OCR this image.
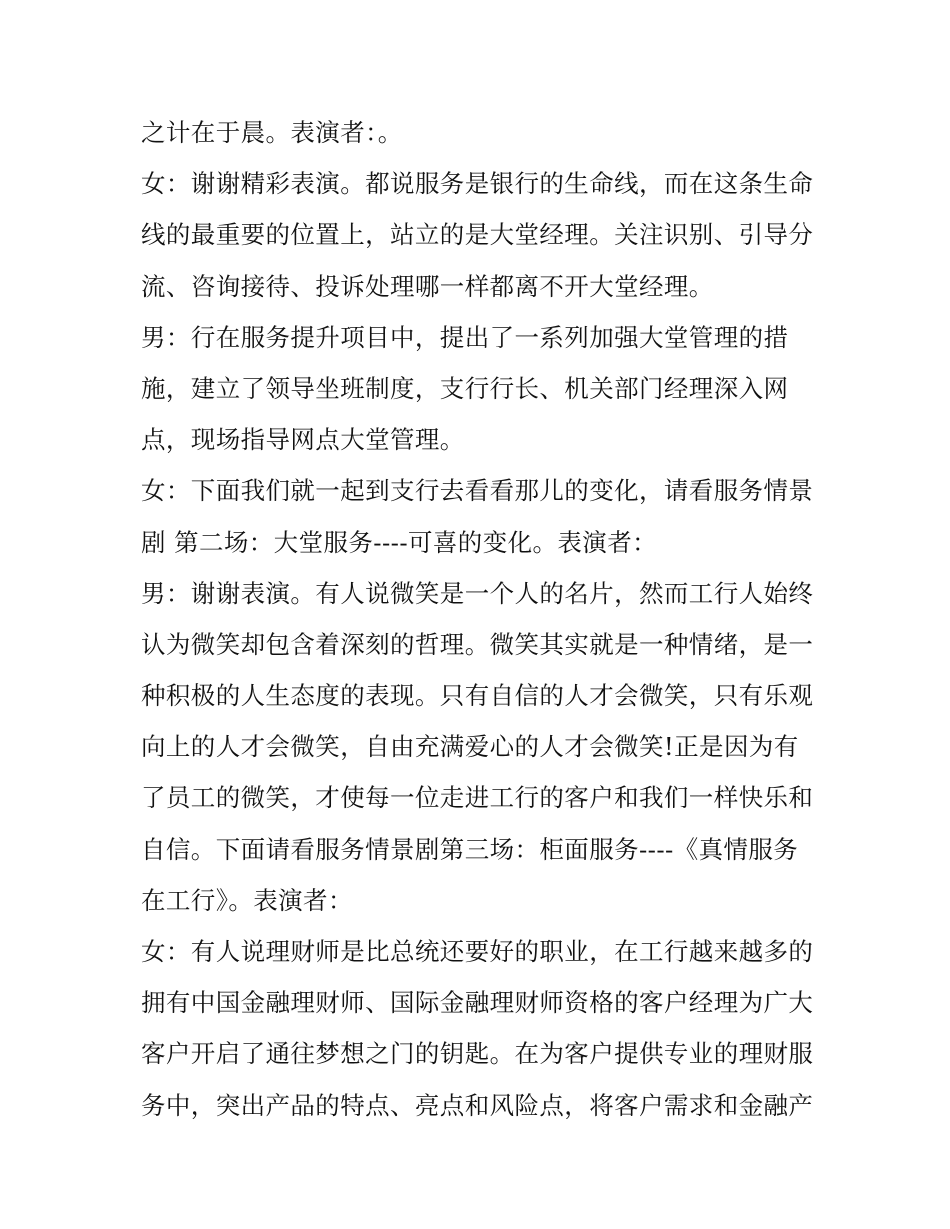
之计在于晨。表演者：。
女：谢谢精彩表演。都说服务是银行的生命线，而在这条生命
线的最重要的位置上，站立的是大堂经理。关注识别、引导分
流、咨询接待、投诉处理哪一样都离不开大堂经理。
男：行在服务提升项目中，提出了一系列加强大堂管理的措
施，建立了领导坐班制度，支行行长、机关部门经理深入网
点，现场指导网点大堂管理。
女：下面我们就一起到支行去看看那儿的变化，请看服务情景
剧 第二场：大堂服务----可喜的变化。表演者：
男：谢谢表演。有人说微笑是一个人的名片，然而工行人始终
认为微笑却包含着深刻的哲理。微笑其实就是一种情绪，是一
种积极的人生态度的表现。只有自信的人才会微笑，只有乐观
向上的人才会微笑，自由充满爱心的人才会微笑!正是因为有
了员工的微笑，才使每一位走进工行的客户和我们一样快乐和
自信。下面请看服务情景剧第三场：柜面服务----《真情服务
在工行》。表演者：
女：有人说理财师是比总统还要好的职业，在工行越来越多的
拥有中国金融理财师、国际金融理财师资格的客户经理为广大
客户开启了通往梦想之门的钥匙。在为客户提供专业的理财服
务中，突出产品的特点、亮点和风险点，将客户需求和金融产
